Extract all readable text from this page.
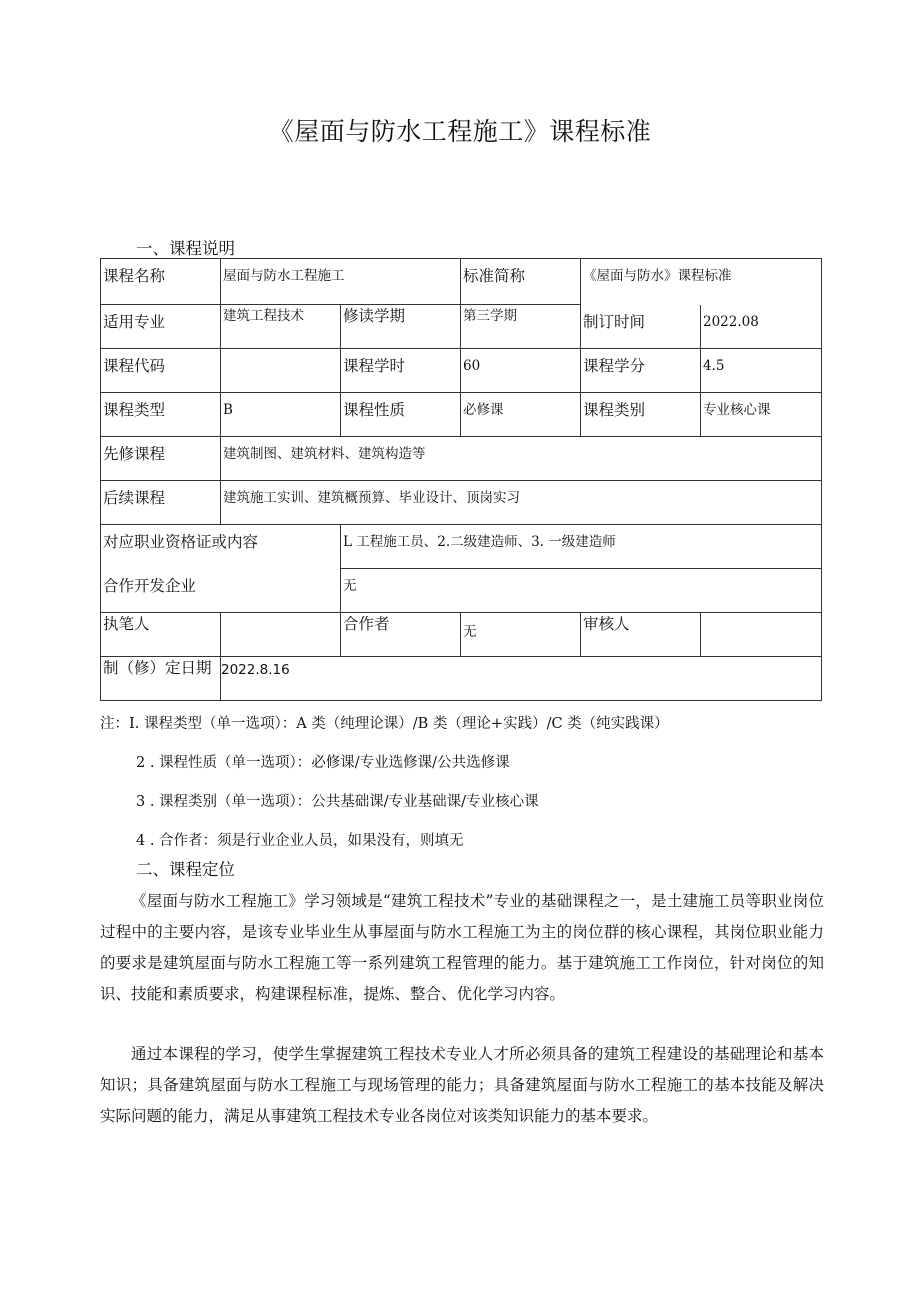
《屋面与防水工程施工》课程标准
一、课程说明
课程名称	屋面与防水工程施工		标准简称	《屋面与防水》课程标准	
适用专业	建筑工程技术	修读学期	第三学期	制订时间	2022.08
课程代码		课程学时	60	课程学分	4.5
课程类型	B	课程性质	必修课	课程类别	专业核心课
先修课程	建筑制图、建筑材料、建筑构造等				
后续课程	建筑施工实训、建筑概预算、毕业设计、顶岗实习				
对应职业资格证或内容		L 工程施工员、2.二级建造师、3. 一级建造师			
合作开发企业		无			
执笔人		合作者	无	审核人	
制（修）定日期	2022.8.16				
注：I. 课程类型（单一选项）：A 类（纯理论课）/B 类（理论+实践）/C 类（纯实践课）
2 . 课程性质（单一选项）：必修课/专业选修课/公共选修课
3 . 课程类别（单一选项）：公共基础课/专业基础课/专业核心课
4 . 合作者：须是行业企业人员，如果没有，则填无
二、课程定位

《屋面与防水工程施工》学习领域是“建筑工程技术”专业的基础课程之一，是土建施工员等职业岗位过程中的主要内容，是该专业毕业生从事屋面与防水工程施工为主的岗位群的核心课程，其岗位职业能力的要求是建筑屋面与防水工程施工等一系列建筑工程管理的能力。基于建筑施工工作岗位，针对岗位的知识、技能和素质要求，构建课程标准，提炼、整合、优化学习内容。

通过本课程的学习，使学生掌握建筑工程技术专业人才所必须具备的建筑工程建设的基础理论和基本知识；具备建筑屋面与防水工程施工与现场管理的能力；具备建筑屋面与防水工程施工的基本技能及解决实际问题的能力，满足从事建筑工程技术专业各岗位对该类知识能力的基本要求。
